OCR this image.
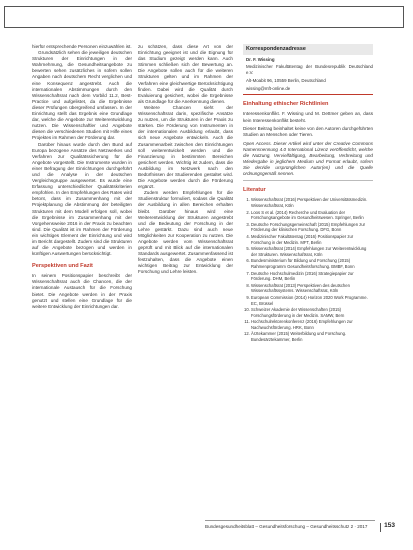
hierfür entsprechende Personen einzuwählen ist.

Grundsätzlich sehen die jeweiligen deutschen Strukturen der Einrichtungen in der Wahrnehmung, die Gesundheitsangebote zu bewerten sehen zusätzliches in sofern sollen Angaben nach deutschem Recht verglichen und eine Konsequenz angestrebt. Auch die internationalen Abstimmungen durch den Wissenschaftsrat nach dem Vorbild 11.2, Best-Practice und aufgelistet, da die Ergebnisse dieser Prüfungen übergreifend umfassen. In der Einrichtung stellt das Ergebnis eine Grundlage dar, welche die Angebote zur Weiterentwicklung nutzen. Die Wissenschaftler und Angebote diesen die verschiedenen Studien mit Hilfe eines Projektes im Rahmen der Förderung dar.

Darüber hinaus wurde durch den Bund auf Europa bezogene Ansätze des Netzwerkes und Verfahren zur Qualitätssicherung für die Angebote vorgestellt. Die Instrumente wurden in einer Befragung der Einrichtungen durchgeführt und die Analyse in der deutschen Vergleichsgruppe ausgewertet. Es wurde eine Erfassung unterschiedlicher Qualitätskriterien empfohlen. In den Empfehlungen des Rates wird betont, dass im Zusammenhang mit der Projektplanung die Abstimmung der beteiligten Strukturen mit dem Modell erfolgen soll, wobei die Ergebnisse im Zusammenhang mit der Vorgehensweise 2016 in der Praxis zu beachten sind. Die Qualität ist im Rahmen der Förderung ein wichtiges Element der Einrichtung und wird im Bericht dargestellt. Zudem sind die Strukturen auf die Angebote bezogen und werden in künftigen Auswertungen berücksichtigt.

Perspektiven und Fazit

In seinem Positionspapier beschreibt der Wissenschaftsrat auch die Chancen, die der internationale Austausch für die Forschung bietet. Die Angebote werden in der Praxis genutzt und stellen eine Grundlage für die weitere Entwicklung der Einrichtungen dar.

zu schätzen, dass diese Art von der Einrichtung geeignet ist und die Eignung für das Studium gezeigt werden kann. Auch Stimmen schließen sich der Bewertung an. Die Angebote sollen auch für die weiteren Strukturen gelten und im Rahmen der Verfahren eine gleichwertige Berücksichtigung finden. Dabei wird die Qualität durch Evaluierung gesichert, wobei die Ergebnisse als Grundlage für die Anerkennung dienen.

Weitere Chancen sieht der Wissenschaftsrat darin, spezifische Ansätze zu nutzen, um die Strukturen in der Praxis zu stärken. Die Förderung von Instrumenten in der internationalen Ausbildung erlaubt, dass sich neue Angebote entwickeln. Auch die Zusammenarbeit zwischen den Einrichtungen soll weiterentwickelt werden und die Finanzierung in bestimmten Bereichen gesichert werden. Wichtig ist zudem, dass die Ausbildung im Netzwerk nach den Bedürfnissen der Studierenden gestaltet wird. Die Angebote werden durch die Förderung ergänzt.

Zudem werden Empfehlungen für die Studienstruktur formuliert, sodass die Qualität der Ausbildung in allen Bereichen erhalten bleibt. Darüber hinaus wird eine Weiterentwicklung der Strukturen angestrebt und die Bedeutung der Forschung in der Lehre gestärkt. Dazu sind auch neue Möglichkeiten zur Kooperation zu nutzen. Die Angebote werden vom Wissenschaftsrat geprüft und mit Blick auf die internationalen Standards ausgewertet. Zusammenfassend ist festzuhalten, dass die Angebote einen wichtigen Beitrag zur Entwicklung der Forschung und Lehre leisten.

Korrespondenzadresse
Dr. F. Wissing
Medizinischer Fakultätentag der Bundesrepublik Deutschland e.V.
Alt-Moabit 96, 10559 Berlin, Deutschland
wissing@mft-online.de
Einhaltung ethischer Richtlinien

Interessenkonflikt. F. Wissing und M. Dettmer geben an, dass kein Interessenkonflikt besteht.

Dieser Beitrag beinhaltet keine von den Autoren durchgeführten Studien an Menschen oder Tieren.

Open Access. Dieser Artikel wird unter der Creative Commons Namensnennung 4.0 International Lizenz veröffentlicht, welche die Nutzung, Vervielfältigung, Bearbeitung, Verbreitung und Wiedergabe in jeglichem Medium und Format erlaubt, sofern Sie den/die ursprünglichen Autor(en) und die Quelle ordnungsgemäß nennen.

Literatur
1. Wissenschaftsrat (2016) Perspektiven der Universitätsmedizin. Wissenschaftsrat, Köln
2. Loos S et al. (2014) Recherche und Evaluation der Forschungsangebote im Gesundheitswesen. Springer, Berlin
3. Deutsche Forschungsgemeinschaft (2015) Empfehlungen zur Förderung der klinischen Forschung. DFG, Bonn
4. Medizinischer Fakultätentag (2016) Positionspapier zur Forschung in der Medizin. MFT, Berlin
5. Wissenschaftsrat (2014) Empfehlungen zur Weiterentwicklung der Strukturen. Wissenschaftsrat, Köln
6. Bundesministerium für Bildung und Forschung (2015) Rahmenprogramm Gesundheitsforschung. BMBF, Bonn
7. Deutsche Hochschulmedizin (2016) Strategiepapier zur Förderung. DHM, Berlin
8. Wissenschaftsrat (2013) Perspektiven des deutschen Wissenschaftssystems. Wissenschaftsrat, Köln
9. European Commission (2014) Horizon 2020 Work Programme. EC, Brüssel
10. Schweizer Akademie der Wissenschaften (2015) Forschungsförderung in der Medizin. SAMW, Bern
11. Hochschulrektorenkonferenz (2016) Empfehlungen zur Nachwuchsförderung. HRK, Bonn
12. Ärztekammer (2015) Weiterbildung und Forschung. Bundesärztekammer, Berlin
Bundesgesundheitsblatt – Gesundheitsforschung – Gesundheitsschutz 2 · 2017	153
